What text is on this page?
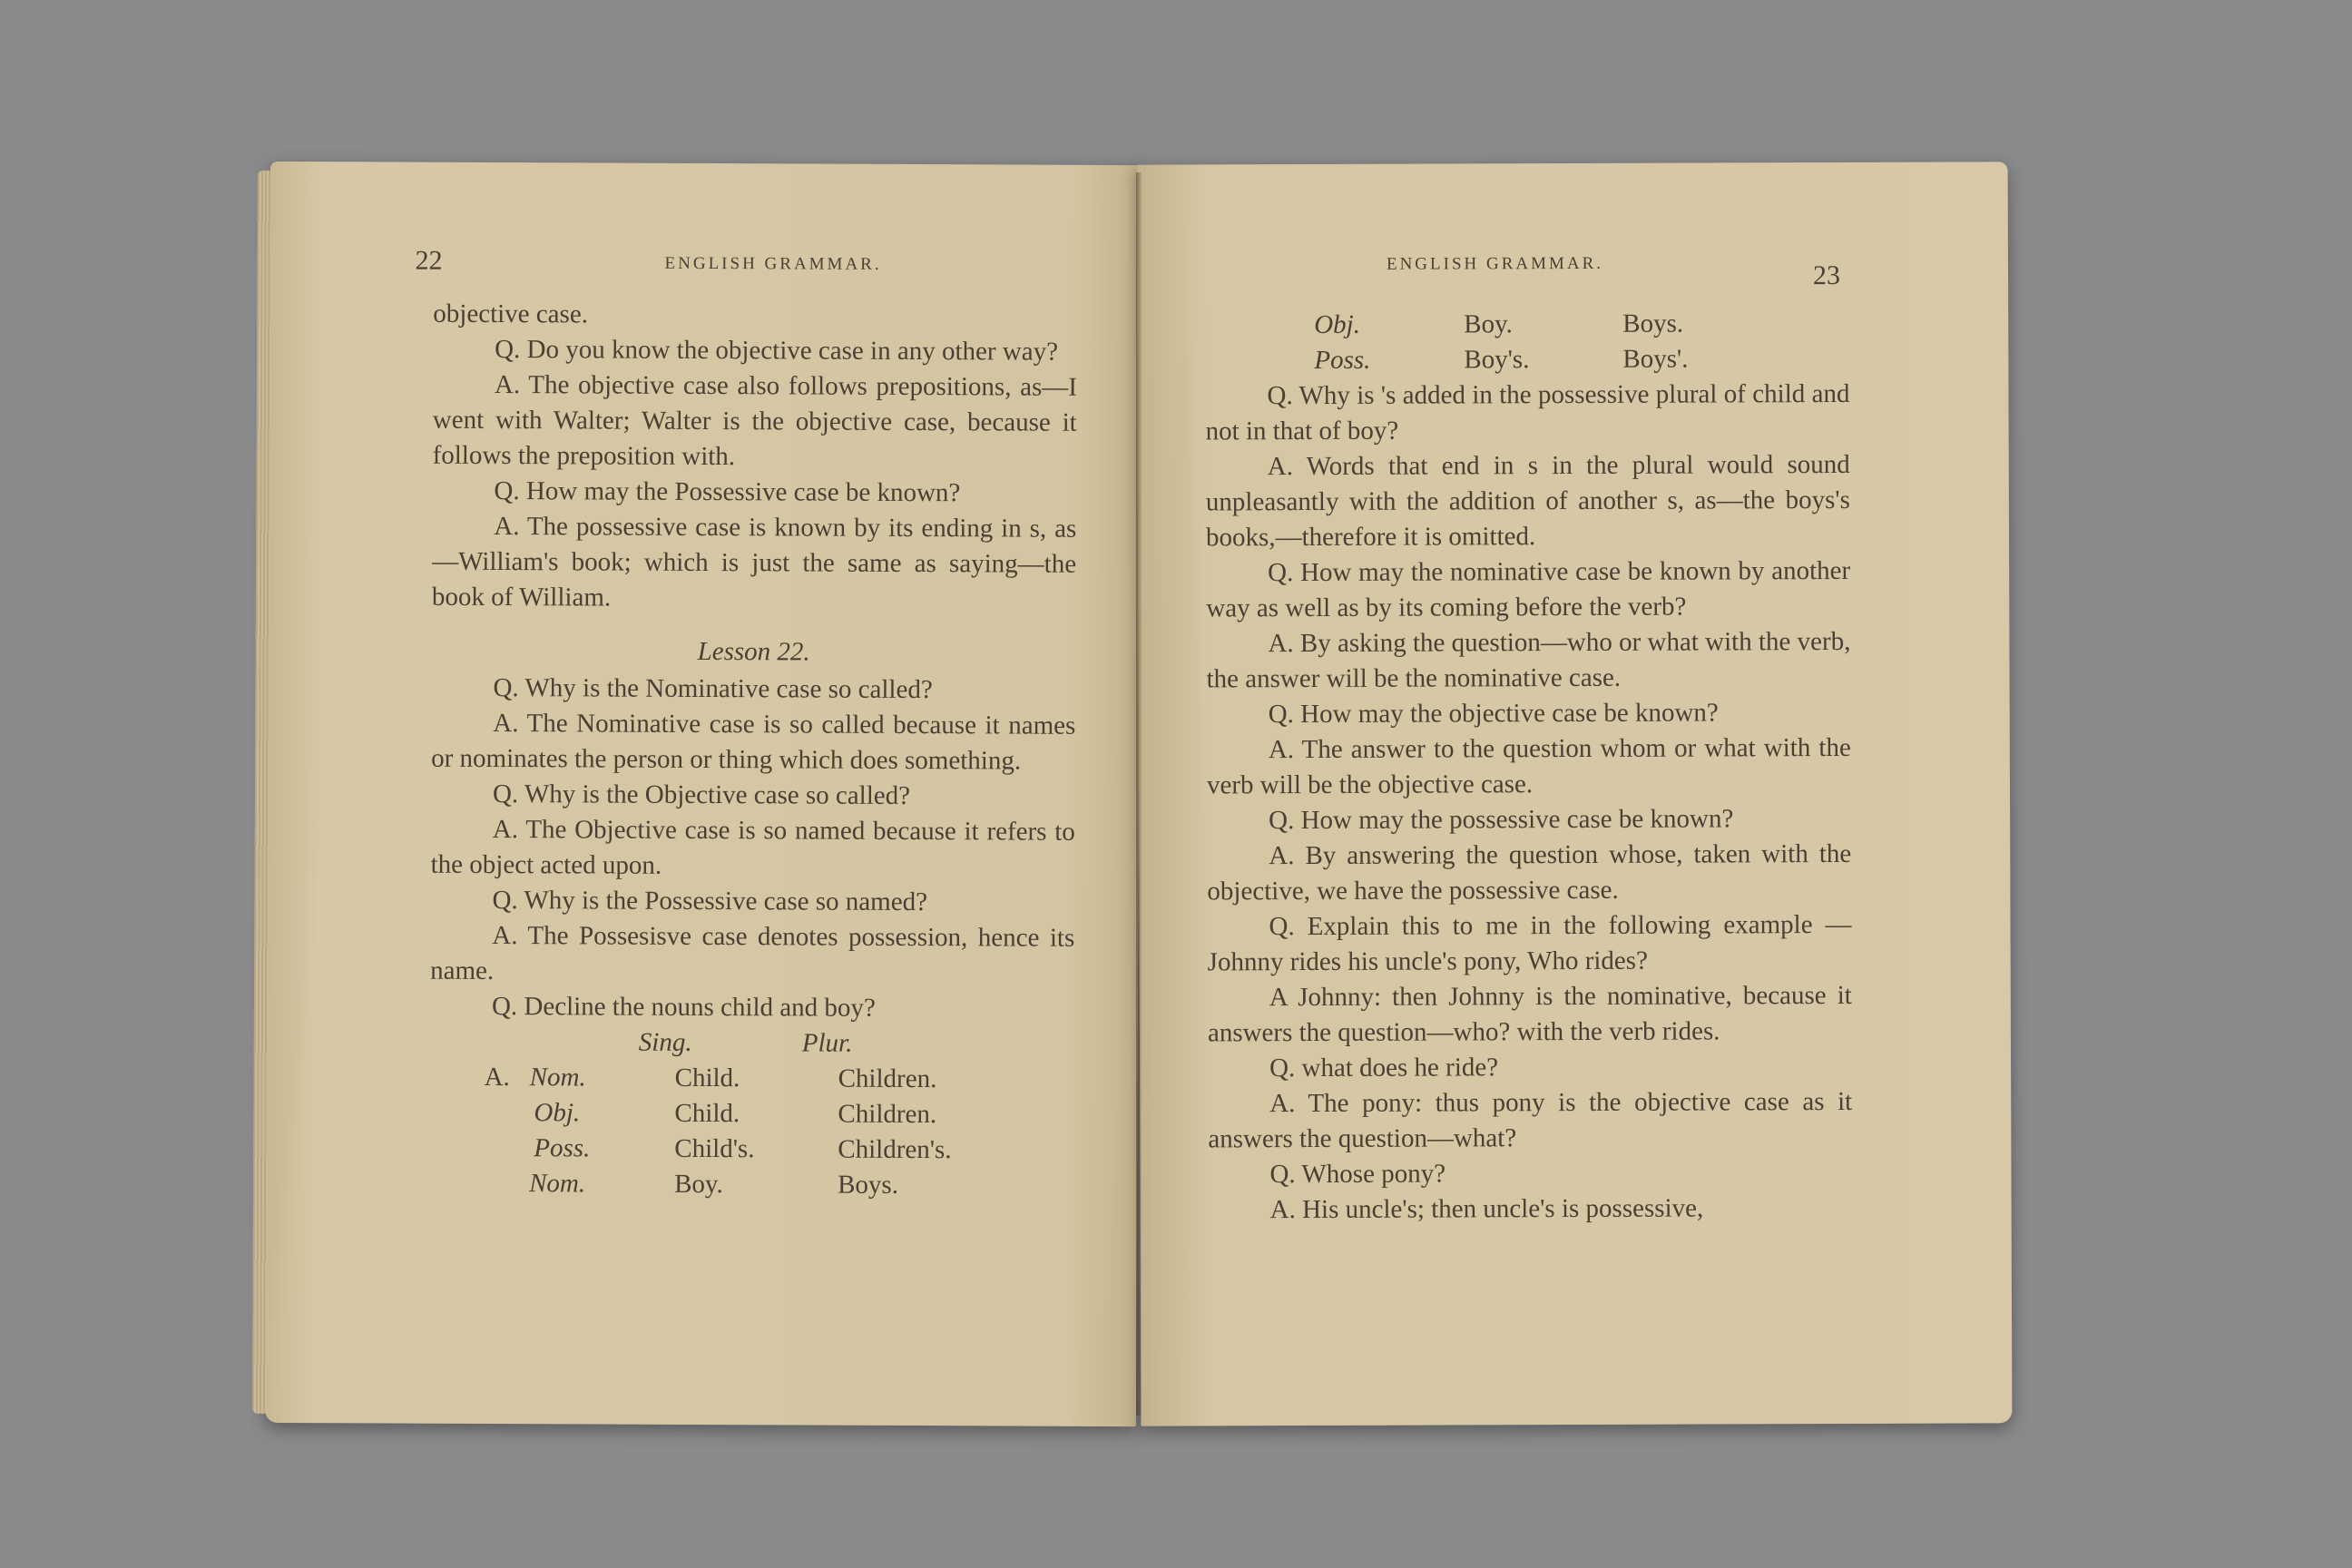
22	ENGLISH GRAMMAR.

objective case.

Q. Do you know the objective case in any other way?

A. The objective case also follows prepositions, as—I went with Walter; Walter is the objective case, because it follows the preposition with.

Q. How may the Possessive case be known?

A. The possessive case is known by its ending in s, as—William's book; which is just the same as saying—the book of William.

Lesson 22.

Q. Why is the Nominative case so called?

A. The Nominative case is so called because it names or nominates the person or thing which does something.

Q. Why is the Objective case so called?

A. The Objective case is so named because it refers to the object acted upon.

Q. Why is the Possessive case so named?

A. The Possesisve case denotes possession, hence its name.

Q. Decline the nouns child and boy?

Sing.	Plur.
A. Nom.	Child.	Children.
Obj.	Child.	Children.
Poss.	Child's.	Children's.
Nom.	Boy.	Boys.
ENGLISH GRAMMAR.	23
Obj.	Boy.	Boys.
Poss.	Boy's.	Boys'.

Q. Why is 's added in the possessive plural of child and not in that of boy?

A. Words that end in s in the plural would sound unpleasantly with the addition of another s, as—the boys's books,—therefore it is omitted.

Q. How may the nominative case be known by another way as well as by its coming before the verb?

A. By asking the question—who or what with the verb, the answer will be the nominative case.

Q. How may the objective case be known?

A. The answer to the question whom or what with the verb will be the objective case.

Q. How may the possessive case be known?

A. By answering the question whose, taken with the objective, we have the possessive case.

Q. Explain this to me in the following example —Johnny rides his uncle's pony, Who rides?

A Johnny: then Johnny is the nominative, because it answers the question—who? with the verb rides.

Q. what does he ride?

A. The pony: thus pony is the objective case as it answers the question—what?

Q. Whose pony?

A. His uncle's; then uncle's is possessive,
